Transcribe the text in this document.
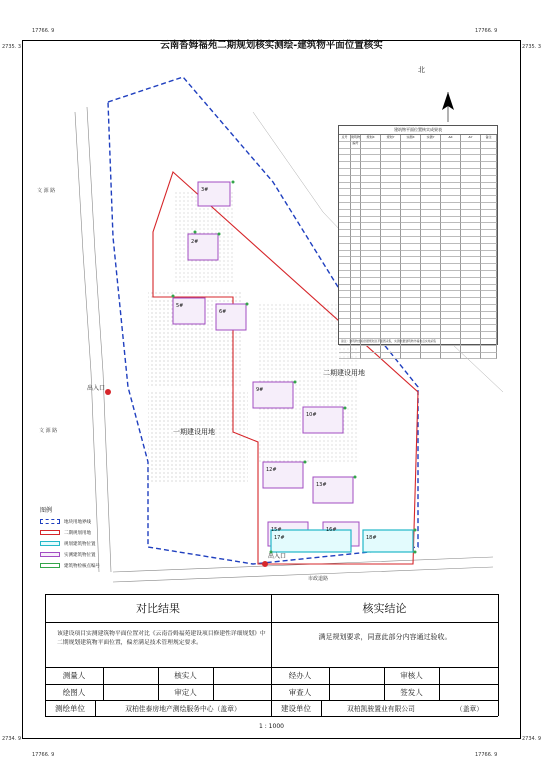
17766. 9
2735. 3
17766. 9
2735. 3
2734. 9
17766. 9
2734. 9
17766. 9
云南沓姆福苑二期规划核实测绘-建筑物平面位置核实
二期建设用地
一期建设用地
出入口
出入口
文 源 路
文 源 路
市政道路
2#
3#
5#
6#
9#
10#
12#
13#
15#	16#
17#	18#
北
建筑物平面位置核实成果表
点号	建筑物编号
规划X	规划Y	实测X	实测Y	ΔX	ΔY	备注
备注：建筑物坐标依据规划总平面图采集，实测依据建筑物外墙角点实地采集
图例
地块用地界线
二期规划用地
规划建筑物位置
实测建筑物位置
建筑物检核点编号
对比结果	核实结论
该建设项目实测建筑物平面位置对比《云南沓姆福苑建设项目修建性详细规划》中二期规划建筑物平面位置，偏差满足技术管理规定要求。
满足规划要求，同意此部分内容通过验收。
测量人	核实人	经办人	审核人
绘图人	审定人	审查人	签发人
测绘单位	双柏佳泰房地产测绘服务中心（盖章）	建设单位	双柏凯骏置业有限公司	（盖章）
1 : 1000
